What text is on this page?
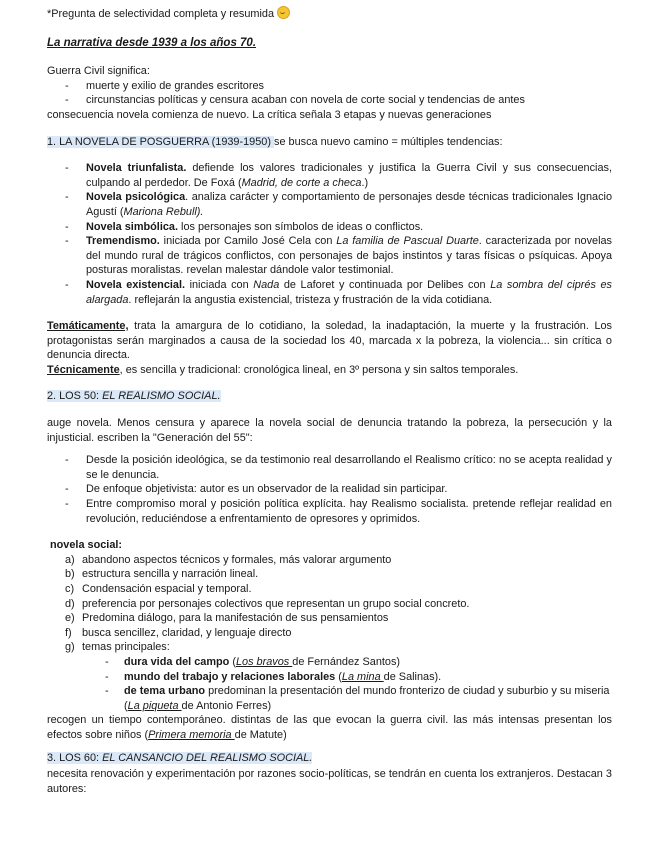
*Pregunta de selectividad completa y resumida

La narrativa desde 1939 a los años 70.

Guerra Civil significa:

- muerte y exilio de grandes escritores
- circunstancias políticas y censura acaban con novela de corte social y tendencias de antes

consecuencia novela comienza de nuevo. La crítica señala 3 etapas y nuevas generaciones

1. LA NOVELA DE POSGUERRA (1939-1950) se busca nuevo camino = múltiples tendencias:

- Novela triunfalista. defiende los valores tradicionales y justifica la Guerra Civil y sus consecuencias, culpando al perdedor. De Foxá (Madrid, de corte a checa.)
- Novela psicológica. analiza carácter y comportamiento de personajes desde técnicas tradicionales Ignacio Agustí (Mariona Rebull).
- Novela simbólica. los personajes son símbolos de ideas o conflictos.
- Tremendismo. iniciada por Camilo José Cela con La familia de Pascual Duarte. caracterizada por novelas del mundo rural de trágicos conflictos, con personajes de bajos instintos y taras físicas o psíquicas. Apoya posturas moralistas. revelan malestar dándole valor testimonial.
- Novela existencial. iniciada con Nada de Laforet y continuada por Delibes con La sombra del ciprés es alargada. reflejarán la angustia existencial, tristeza y frustración de la vida cotidiana.

Temáticamente, trata la amargura de lo cotidiano, la soledad, la inadaptación, la muerte y la frustración. Los protagonistas serán marginados a causa de la sociedad los 40, marcada x la pobreza, la violencia... sin crítica o denuncia directa.

Técnicamente, es sencilla y tradicional: cronológica lineal, en 3º persona y sin saltos temporales.

2. LOS 50: EL REALISMO SOCIAL.

auge novela. Menos censura y aparece la novela social de denuncia tratando la pobreza, la persecución y la injusticial. escriben la "Generación del 55":

- Desde la posición ideológica, se da testimonio real desarrollando el Realismo crítico: no se acepta realidad y se le denuncia.
- De enfoque objetivista: autor es un observador de la realidad sin participar.
- Entre compromiso moral y posición política explícita. hay Realismo socialista. pretende reflejar realidad en revolución, reduciéndose a enfrentamiento de opresores y oprimidos.

novela social:

a) abandono aspectos técnicos y formales, más valorar argumento
b) estructura sencilla y narración lineal.
c) Condensación espacial y temporal.
d) preferencia por personajes colectivos que representan un grupo social concreto.
e) Predomina diálogo, para la manifestación de sus pensamientos
f) busca sencillez, claridad, y lenguaje directo
g) temas principales:
- dura vida del campo (Los bravos de Fernández Santos)
- mundo del trabajo y relaciones laborales (La mina de Salinas).
- de tema urbano predominan la presentación del mundo fronterizo de ciudad y suburbio y su miseria (La piqueta de Antonio Ferres)

recogen un tiempo contemporáneo. distintas de las que evocan la guerra civil. las más intensas presentan los efectos sobre niños (Primera memoria de Matute)

3. LOS 60: EL CANSANCIO DEL REALISMO SOCIAL.

necesita renovación y experimentación por razones socio-políticas, se tendrán en cuenta los extranjeros. Destacan 3 autores:
